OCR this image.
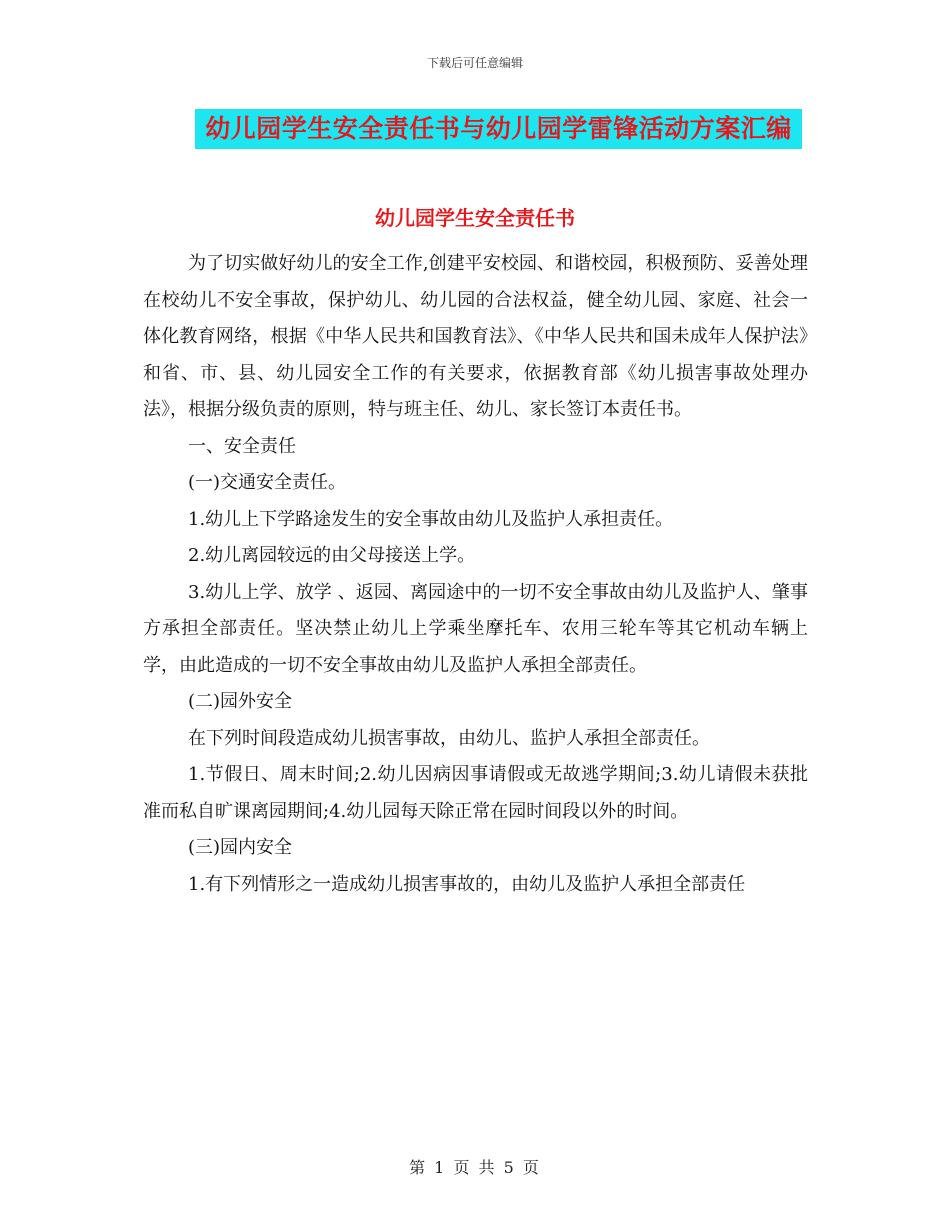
下载后可任意编辑
幼儿园学生安全责任书与幼儿园学雷锋活动方案汇编
幼儿园学生安全责任书

为了切实做好幼儿的安全工作,创建平安校园、和谐校园，积极预防、妥善处理在校幼儿不安全事故，保护幼儿、幼儿园的合法权益，健全幼儿园、家庭、社会一体化教育网络，根据《中华人民共和国教育法》、《中华人民共和国未成年人保护法》和省、市、县、幼儿园安全工作的有关要求，依据教育部《幼儿损害事故处理办法》，根据分级负责的原则，特与班主任、幼儿、家长签订本责任书。

一、安全责任

(一)交通安全责任。

1.幼儿上下学路途发生的安全事故由幼儿及监护人承担责任。

2.幼儿离园较远的由父母接送上学。

3.幼儿上学、放学 、返园、离园途中的一切不安全事故由幼儿及监护人、肇事方承担全部责任。坚决禁止幼儿上学乘坐摩托车、农用三轮车等其它机动车辆上学，由此造成的一切不安全事故由幼儿及监护人承担全部责任。

(二)园外安全

在下列时间段造成幼儿损害事故，由幼儿、监护人承担全部责任。

1.节假日、周末时间;2.幼儿因病因事请假或无故逃学期间;3.幼儿请假未获批准而私自旷课离园期间;4.幼儿园每天除正常在园时间段以外的时间。

(三)园内安全

1.有下列情形之一造成幼儿损害事故的，由幼儿及监护人承担全部责任

第 1 页 共 5 页
